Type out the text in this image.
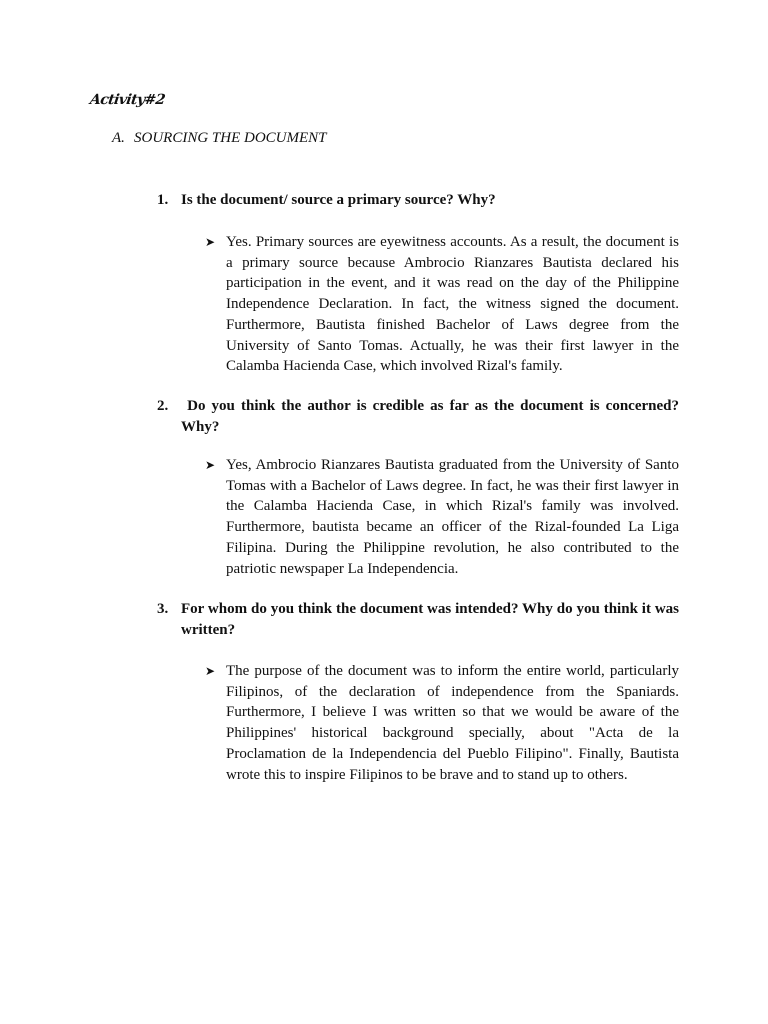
Activity#2

A. SOURCING THE DOCUMENT

1. Is the document/ source a primary source? Why?

➤ Yes. Primary sources are eyewitness accounts. As a result, the document is a primary source because Ambrocio Rianzares Bautista declared his participation in the event, and it was read on the day of the Philippine Independence Declaration. In fact, the witness signed the document. Furthermore, Bautista finished Bachelor of Laws degree from the University of Santo Tomas. Actually, he was their first lawyer in the Calamba Hacienda Case, which involved Rizal's family.

2. Do you think the author is credible as far as the document is concerned? Why?

➤ Yes, Ambrocio Rianzares Bautista graduated from the University of Santo Tomas with a Bachelor of Laws degree. In fact, he was their first lawyer in the Calamba Hacienda Case, in which Rizal's family was involved. Furthermore, bautista became an officer of the Rizal-founded La Liga Filipina. During the Philippine revolution, he also contributed to the patriotic newspaper La Independencia.

3. For whom do you think the document was intended? Why do you think it was written?

➤ The purpose of the document was to inform the entire world, particularly Filipinos, of the declaration of independence from the Spaniards. Furthermore, I believe I was written so that we would be aware of the Philippines' historical background specially, about "Acta de la Proclamation de la Independencia del Pueblo Filipino". Finally, Bautista wrote this to inspire Filipinos to be brave and to stand up to others.
